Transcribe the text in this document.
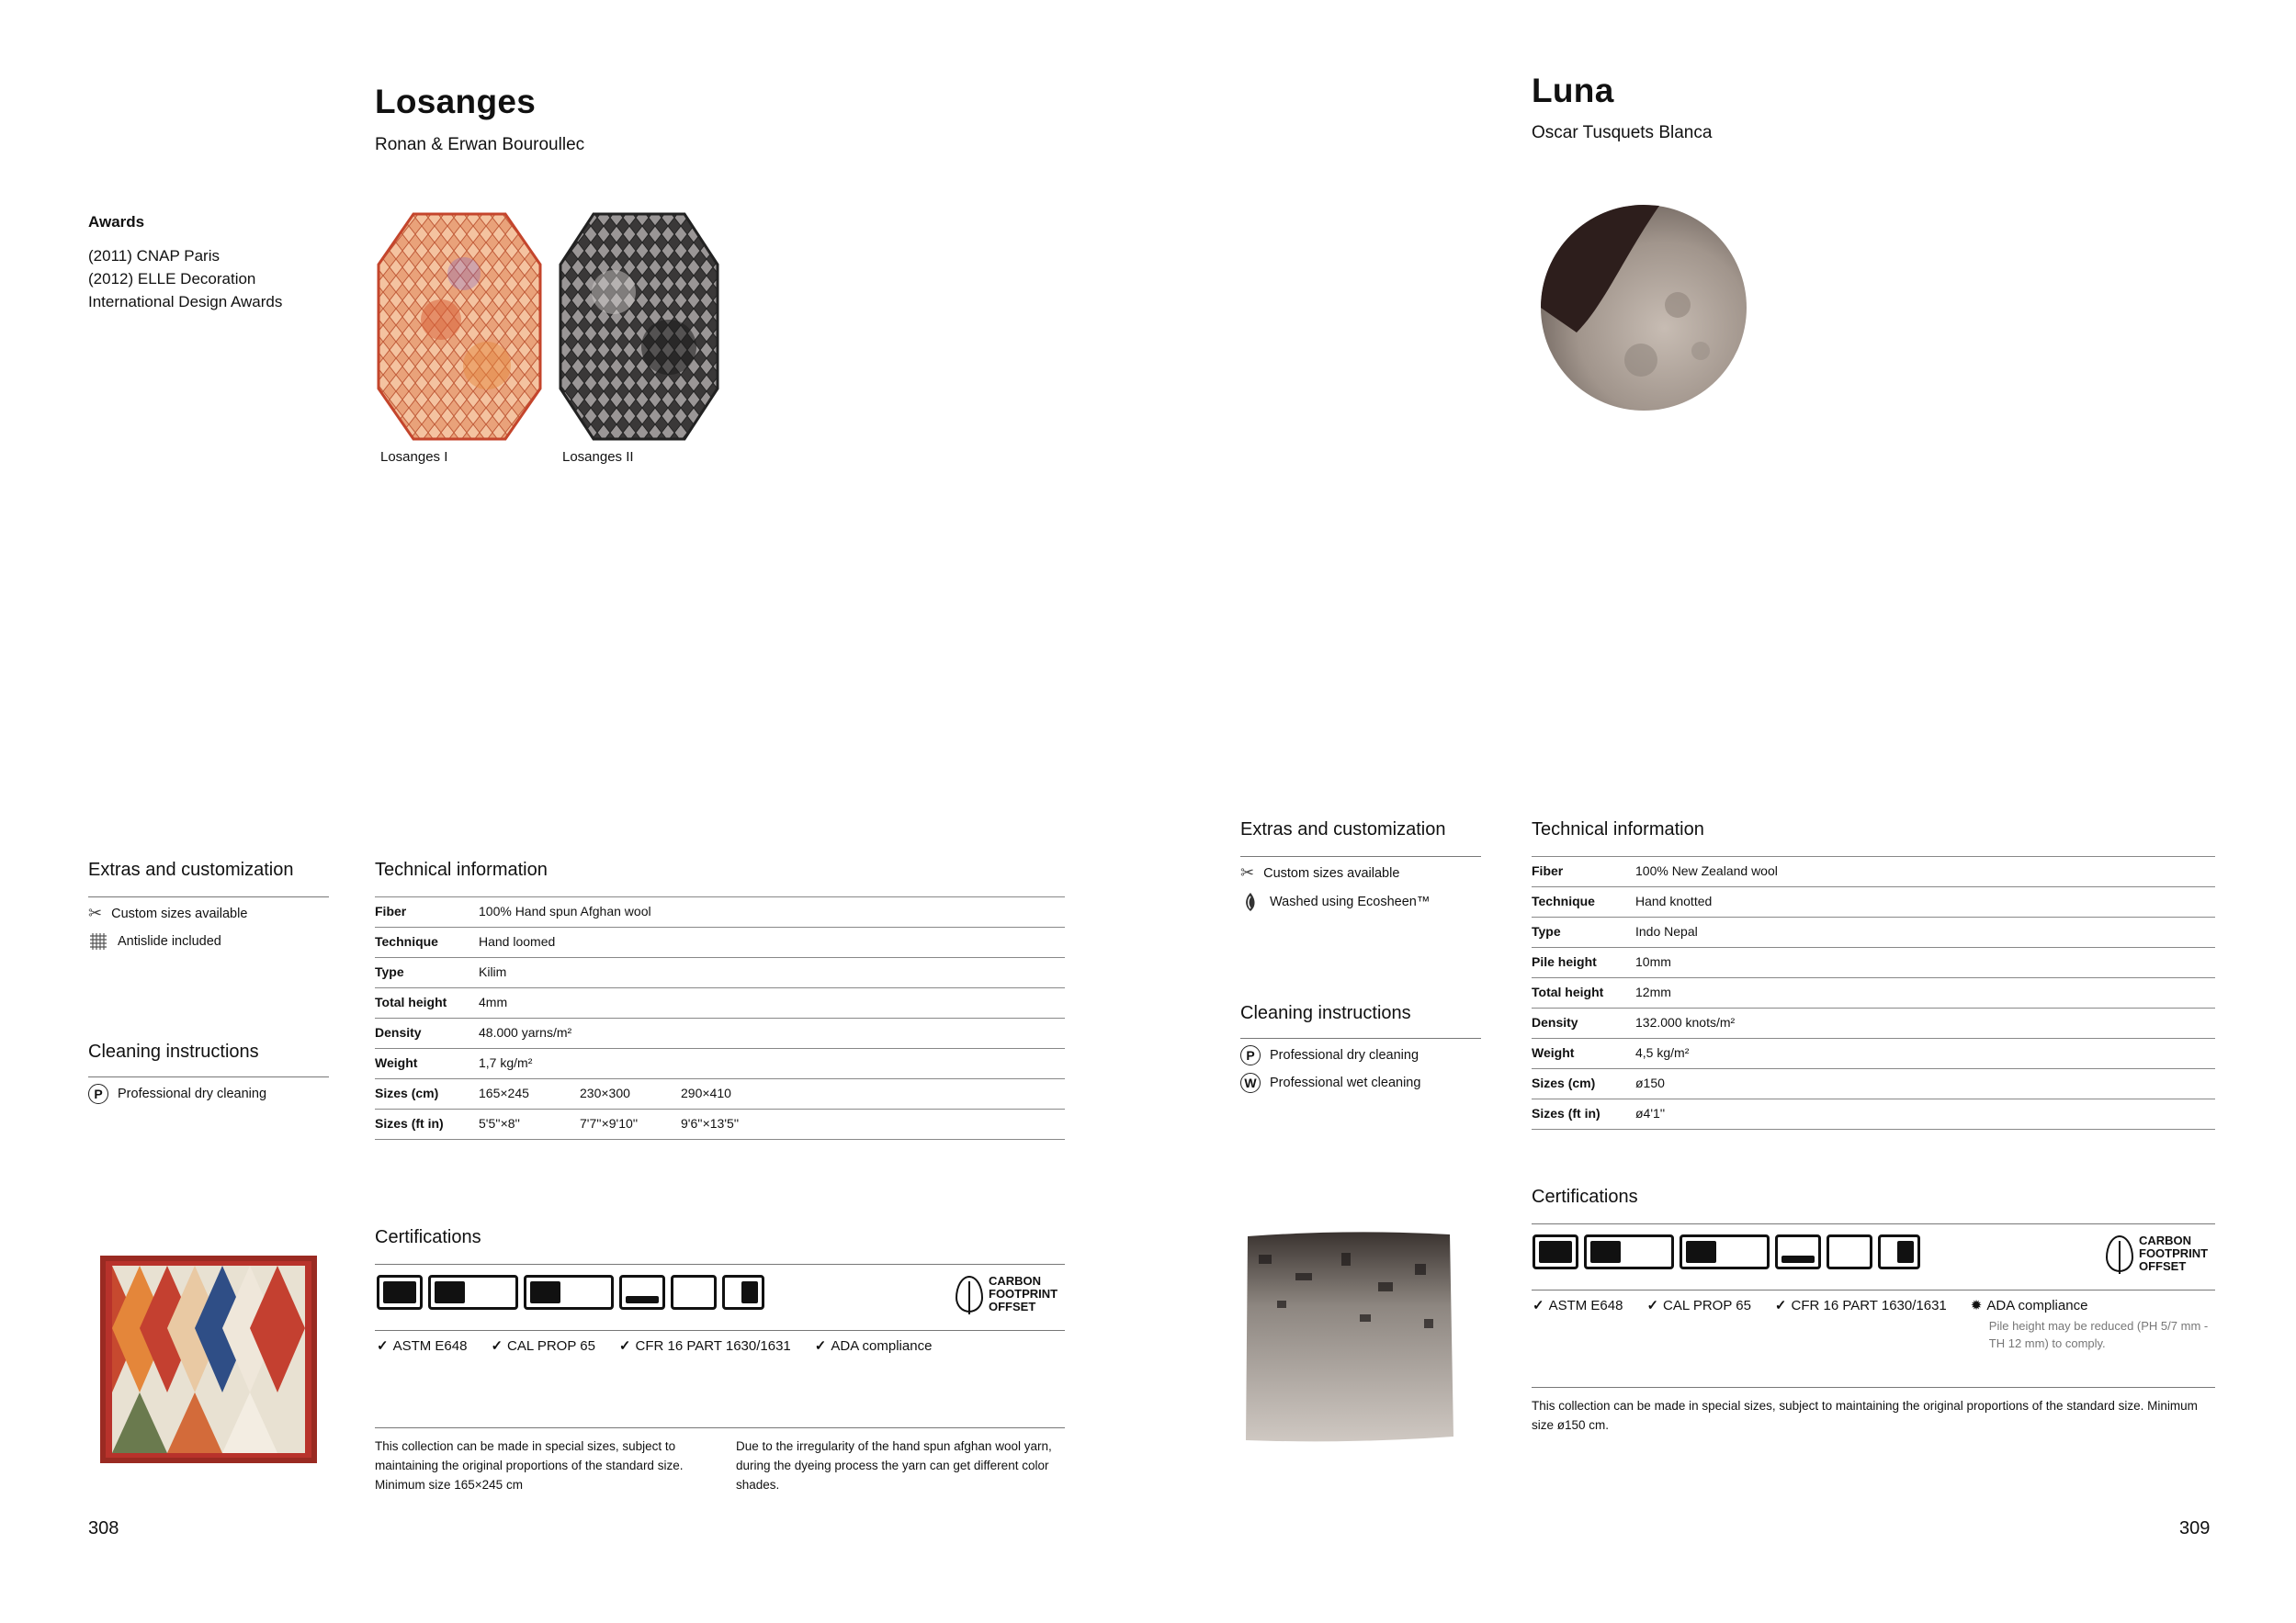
Losanges
Ronan & Erwan Bouroullec
Awards
(2011) CNAP Paris
(2012) ELLE Decoration
International Design Awards
Losanges I	Losanges II
Extras and customization
✂ Custom sizes available
Antislide included
Cleaning instructions
P	Professional dry cleaning
Technical information
Fiber	100% Hand spun Afghan wool
Technique	Hand loomed
Type	Kilim
Total height 4mm
Density	48.000 yarns/m²
Weight	1,7 kg/m²
Sizes (cm)	165×245	230×300	290×410
Sizes (ft in)	5'5''×8''	7'7''×9'10''	9'6''×13'5''
Certifications
CARBON
FOOTPRINT
OFFSET
✓ ASTM E648	✓ CAL PROP 65	✓ CFR 16 PART 1630/1631	✓ ADA compliance
This collection can be made in special sizes, subject to maintaining the original proportions of the standard size. Minimum size 165×245 cm
Due to the irregularity of the hand spun afghan wool yarn, during the dyeing process the yarn can get different color shades.
308
Luna
Oscar Tusquets Blanca
Extras and customization
✂ Custom sizes available
Washed using Ecosheen™
Cleaning instructions
P	Professional dry cleaning
W Professional wet cleaning
Technical information
Fiber	100% New Zealand wool
Technique	Hand knotted
Type	Indo Nepal
Pile height	10mm
Total height 12mm
Density	132.000 knots/m²
Weight	4,5 kg/m²
Sizes (cm)	ø150
Sizes (ft in)	ø4'1''
Certifications
CARBON
FOOTPRINT
OFFSET
✓ ASTM E648	✓ CAL PROP 65	✓ CFR 16 PART 1630/1631	✹ ADA compliance
Pile height may be reduced (PH 5/7 mm - TH 12 mm) to comply.
This collection can be made in special sizes, subject to maintaining the original proportions of the standard size. Minimum size ø150 cm.
309
